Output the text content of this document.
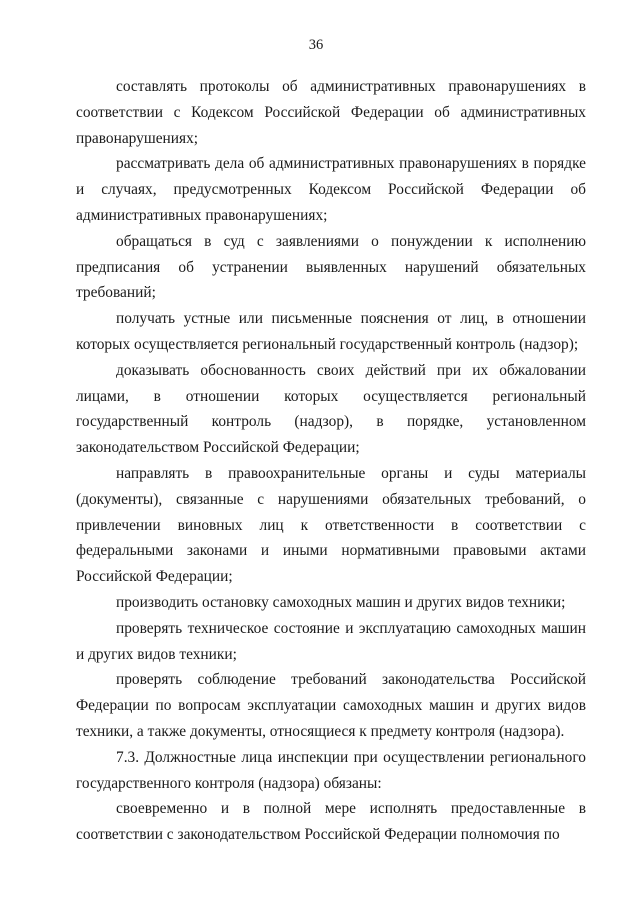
36

составлять протоколы об административных правонарушениях в соответствии с Кодексом Российской Федерации об административных правонарушениях;

рассматривать дела об административных правонарушениях в порядке и случаях, предусмотренных Кодексом Российской Федерации об административных правонарушениях;

обращаться в суд с заявлениями о понуждении к исполнению предписания об устранении выявленных нарушений обязательных требований;

получать устные или письменные пояснения от лиц, в отношении которых осуществляется региональный государственный контроль (надзор);

доказывать обоснованность своих действий при их обжаловании лицами, в отношении которых осуществляется региональный государственный контроль (надзор), в порядке, установленном законодательством Российской Федерации;

направлять в правоохранительные органы и суды материалы (документы), связанные с нарушениями обязательных требований, о привлечении виновных лиц к ответственности в соответствии с федеральными законами и иными нормативными правовыми актами Российской Федерации;

производить остановку самоходных машин и других видов техники;

проверять техническое состояние и эксплуатацию самоходных машин и других видов техники;

проверять соблюдение требований законодательства Российской Федерации по вопросам эксплуатации самоходных машин и других видов техники, а также документы, относящиеся к предмету контроля (надзора).

7.3. Должностные лица инспекции при осуществлении регионального государственного контроля (надзора) обязаны:

своевременно и в полной мере исполнять предоставленные в соответствии с законодательством Российской Федерации полномочия по
